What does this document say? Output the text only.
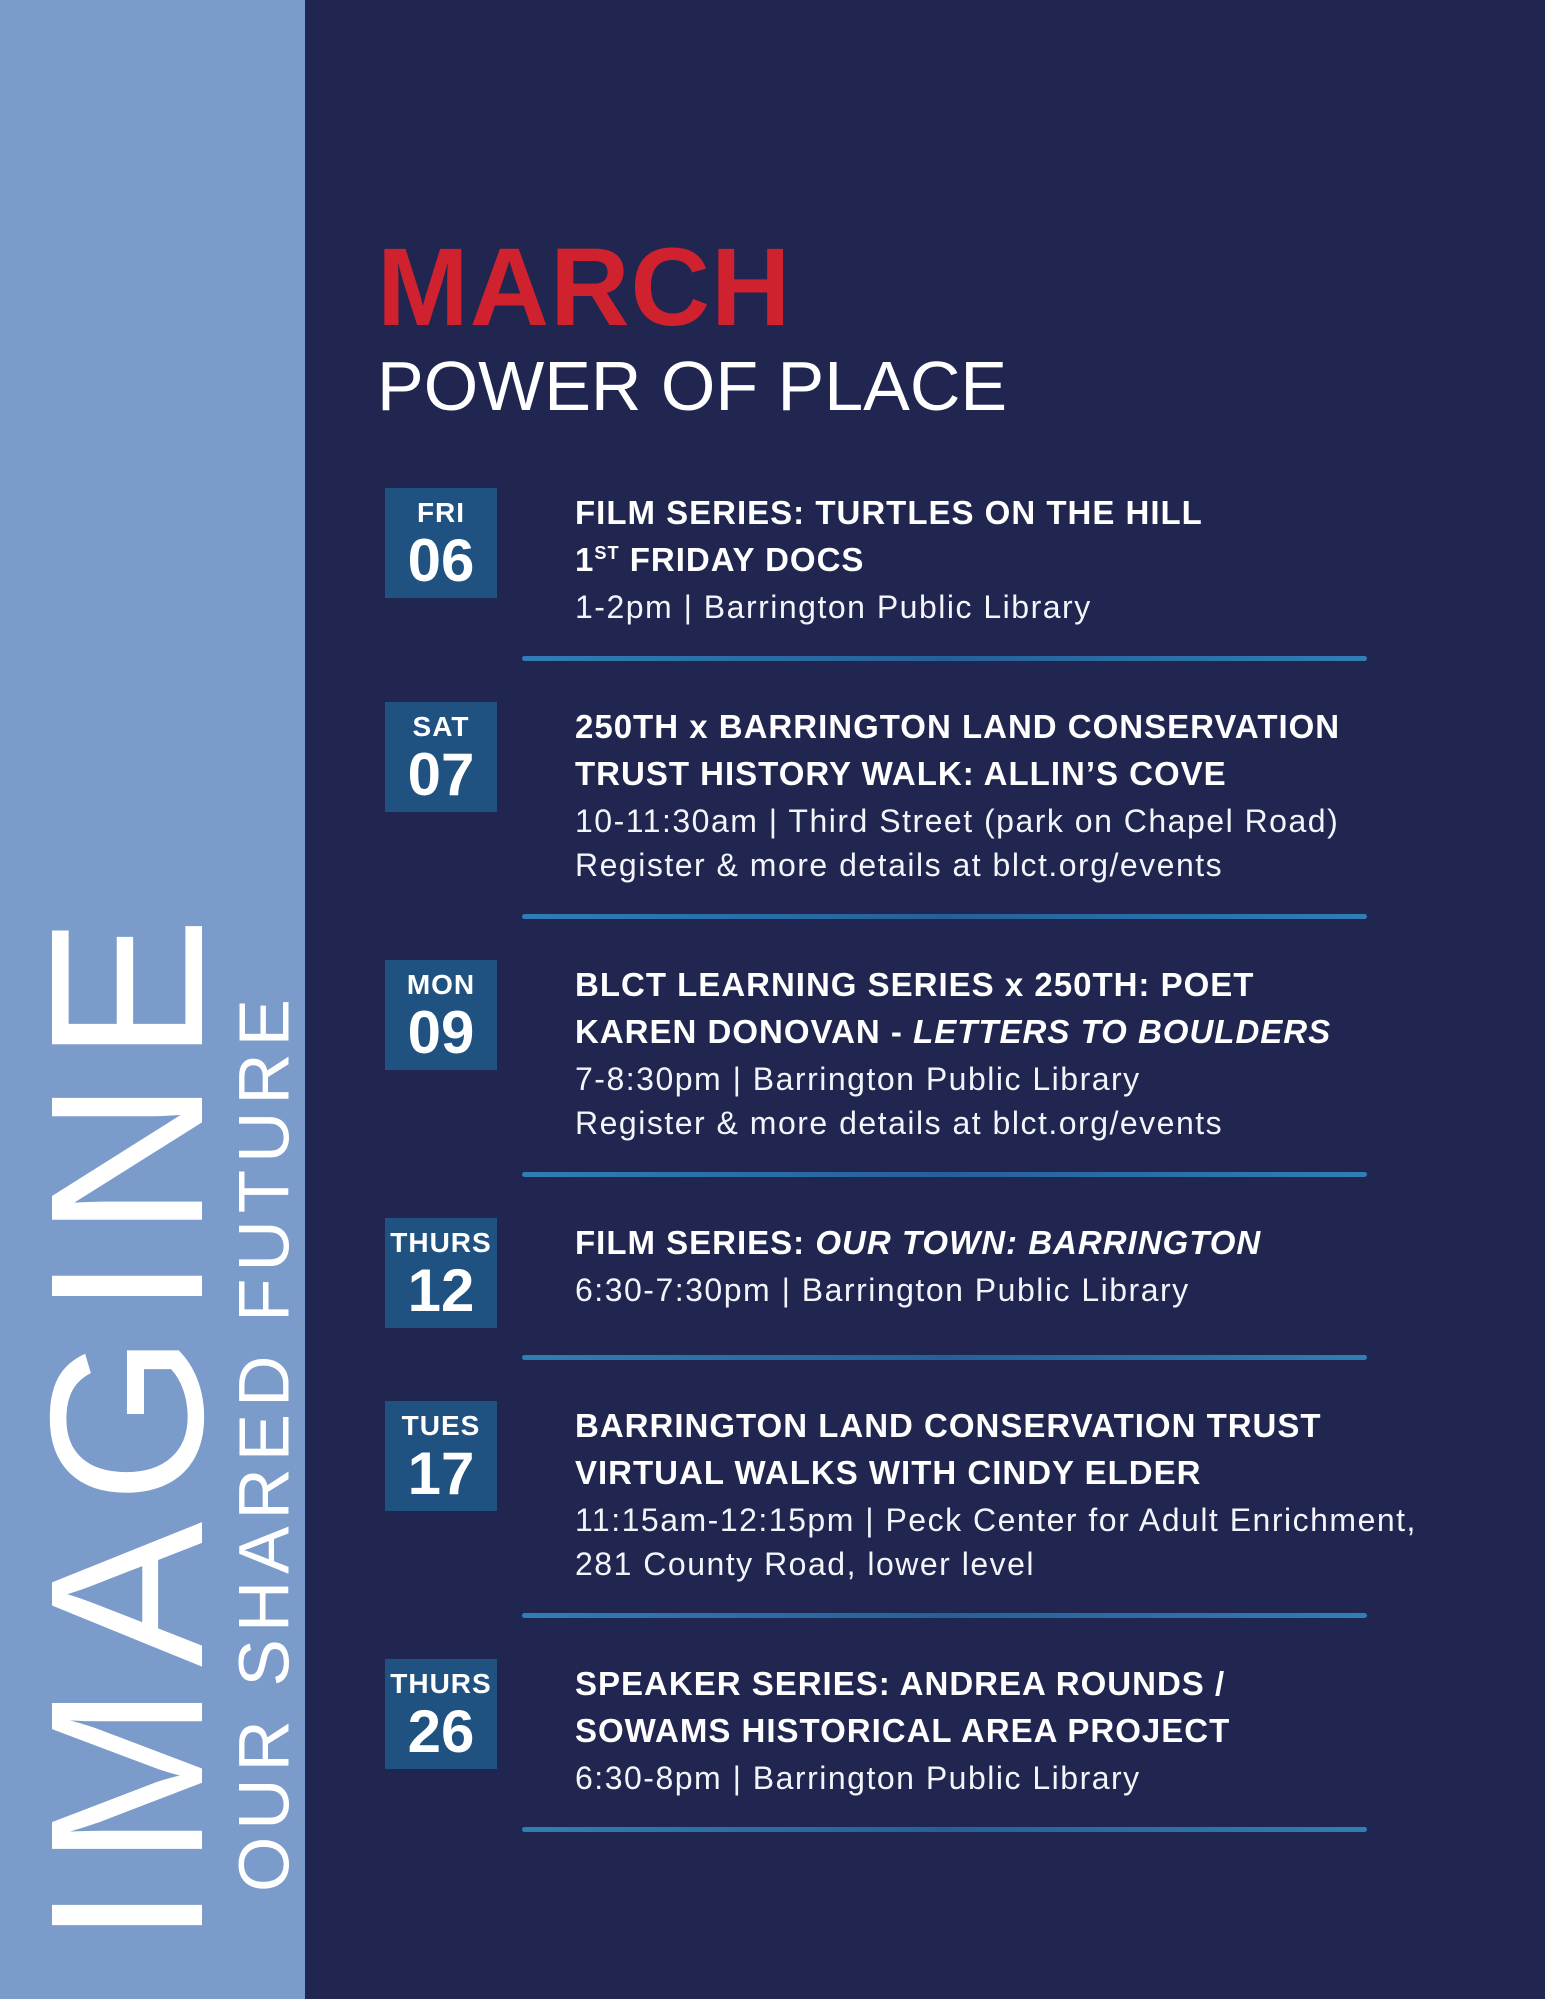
IMAGINE
OUR SHARED FUTURE
MARCH
POWER OF PLACE
FRI
06
FILM SERIES: TURTLES ON THE HILL
1ST FRIDAY DOCS
1-2pm | Barrington Public Library
SAT
07
250TH x BARRINGTON LAND CONSERVATION
TRUST HISTORY WALK: ALLIN’S COVE
10-11:30am | Third Street (park on Chapel Road)
Register & more details at blct.org/events
MON
09
BLCT LEARNING SERIES x 250TH: POET
KAREN DONOVAN - LETTERS TO BOULDERS
7-8:30pm | Barrington Public Library
Register & more details at blct.org/events
THURS
12
FILM SERIES: OUR TOWN: BARRINGTON
6:30-7:30pm | Barrington Public Library
TUES
17
BARRINGTON LAND CONSERVATION TRUST
VIRTUAL WALKS WITH CINDY ELDER
11:15am-12:15pm | Peck Center for Adult Enrichment,
281 County Road, lower level
THURS
26
SPEAKER SERIES: ANDREA ROUNDS /
SOWAMS HISTORICAL AREA PROJECT
6:30-8pm | Barrington Public Library
